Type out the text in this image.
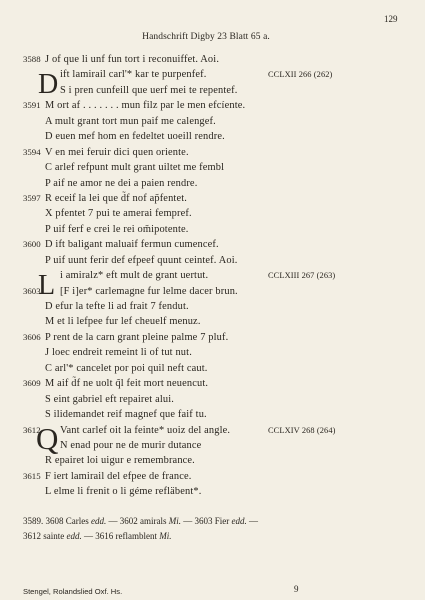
129
Handschrift Digby 23 Blatt 65 a.
3588 J of que li unf fun tort i reconuiffet. Aoi.
D ift lamirail carl'* kar te purpenfef.	CCLXII 266 (262)
S i pren cunfeill que uerf mei te repentef.
3591 M ort af . . . . . . . mun filz par le men efcíente.
A mult grant tort mun paif me calengef.
D euen mef hom en fedeltet uoeill rendre.
3594 V en mei feruir dici quen oriente.
C arlef refpunt mult grant uiltet me fembl
P aif ne amor ne dei a paien rendre.
3597 R eceif la lei que d̃f nof ap̃fentet.
X pfentet 7 pui te amerai fempref.
P uif ferf e crei le rei om̃ipotente.
3600 D ift baligant maluaif fermun cumencef.
P uif uunt ferir def efpeef quunt ceintef. Aoi.
L i amiralz* eft mult de grant uertut.	CCLXIII 267 (263)
3603 [F i]er* carlemagne fur lelme dacer brun.
D efur la tefte li ad frait 7 fendut.
M et li lefpee fur lef cheuelf menuz.
3606 P rent de la carn grant pleine palme 7 pluf.
J loec endreit remeint li of tut nut.
C arl'* cancelet por poi quil neft caut.
3609 M aif d̃f ne uolt q̃l feit mort neuencut.
S eint gabriel eft repairet alui.
S ilidemandet reif magnef que faif tu.
3612
Q Vant carlef oit la feinte* uoiz del angle.	CCLXIV 268 (264)
N enad pour ne de murir dutance
R epairet loi uigur e remembrance.
3615 F iert lamirail del efpee de france.
L elme li frenit o li géme refläbent*.
3589. 3608 Carles edd. — 3602 amirals Mi. — 3603 Fier edd. —
3612 sainte edd. — 3616 reflamblent Mi.
Stengel, Rolandslied Oxf. Hs.	9
